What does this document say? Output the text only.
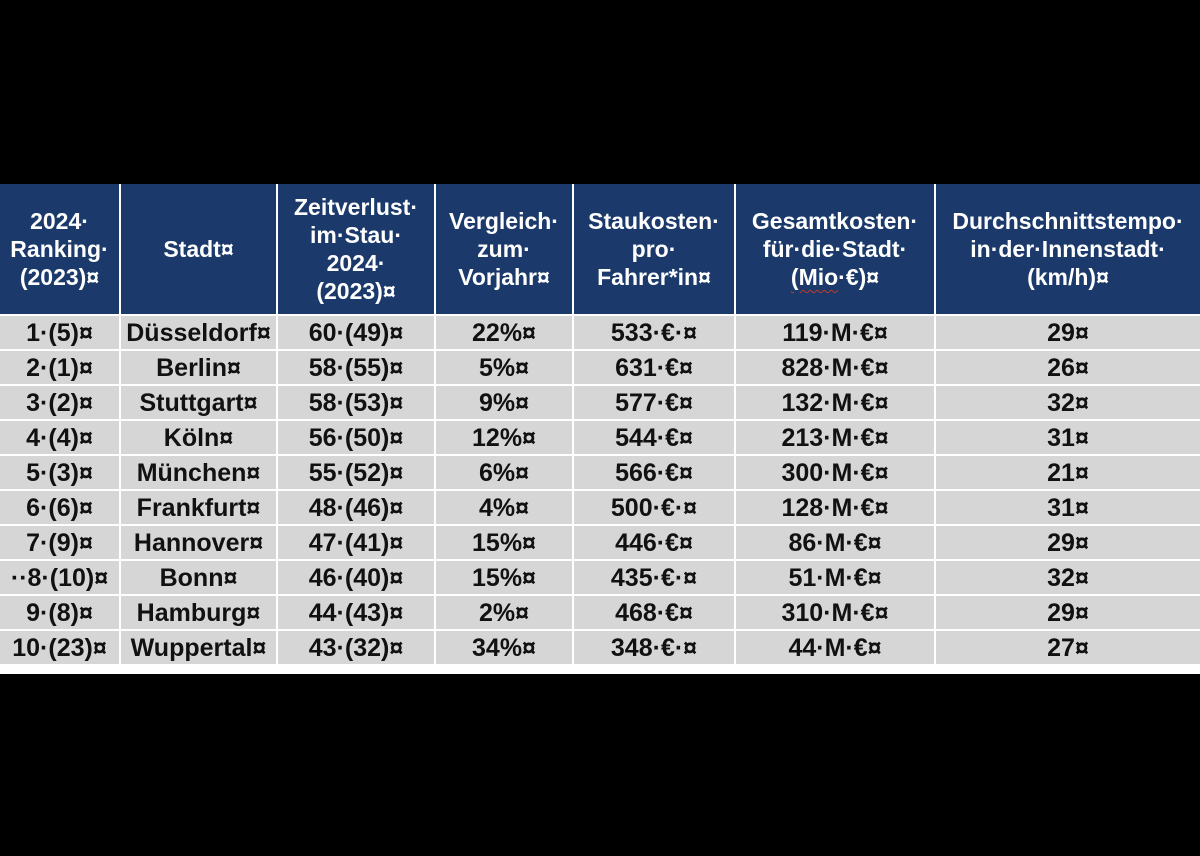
2024·
Ranking·
(2023)¤	Stadt¤	Zeitverlust·
im·Stau·
2024·
(2023)¤	Vergleich·
zum·
Vorjahr¤	Staukosten·
pro·
Fahrer*in¤	Gesamtkosten·
für·die·Stadt·
(Mio·€)¤	Durchschnittstempo·
in·der·Innenstadt·
(km/h)¤
1·(5)¤	Düsseldorf¤	60·(49)¤	22%¤	533·€·¤	119·M·€¤	29¤
2·(1)¤	Berlin¤	58·(55)¤	5%¤	631·€¤	828·M·€¤	26¤
3·(2)¤	Stuttgart¤	58·(53)¤	9%¤	577·€¤	132·M·€¤	32¤
4·(4)¤	Köln¤	56·(50)¤	12%¤	544·€¤	213·M·€¤	31¤
5·(3)¤	München¤	55·(52)¤	6%¤	566·€¤	300·M·€¤	21¤
6·(6)¤	Frankfurt¤	48·(46)¤	4%¤	500·€·¤	128·M·€¤	31¤
7·(9)¤	Hannover¤	47·(41)¤	15%¤	446·€¤	86·M·€¤	29¤
··8·(10)¤	Bonn¤	46·(40)¤	15%¤	435·€·¤	51·M·€¤	32¤
9·(8)¤	Hamburg¤	44·(43)¤	2%¤	468·€¤	310·M·€¤	29¤
10·(23)¤	Wuppertal¤	43·(32)¤	34%¤	348·€·¤	44·M·€¤	27¤
